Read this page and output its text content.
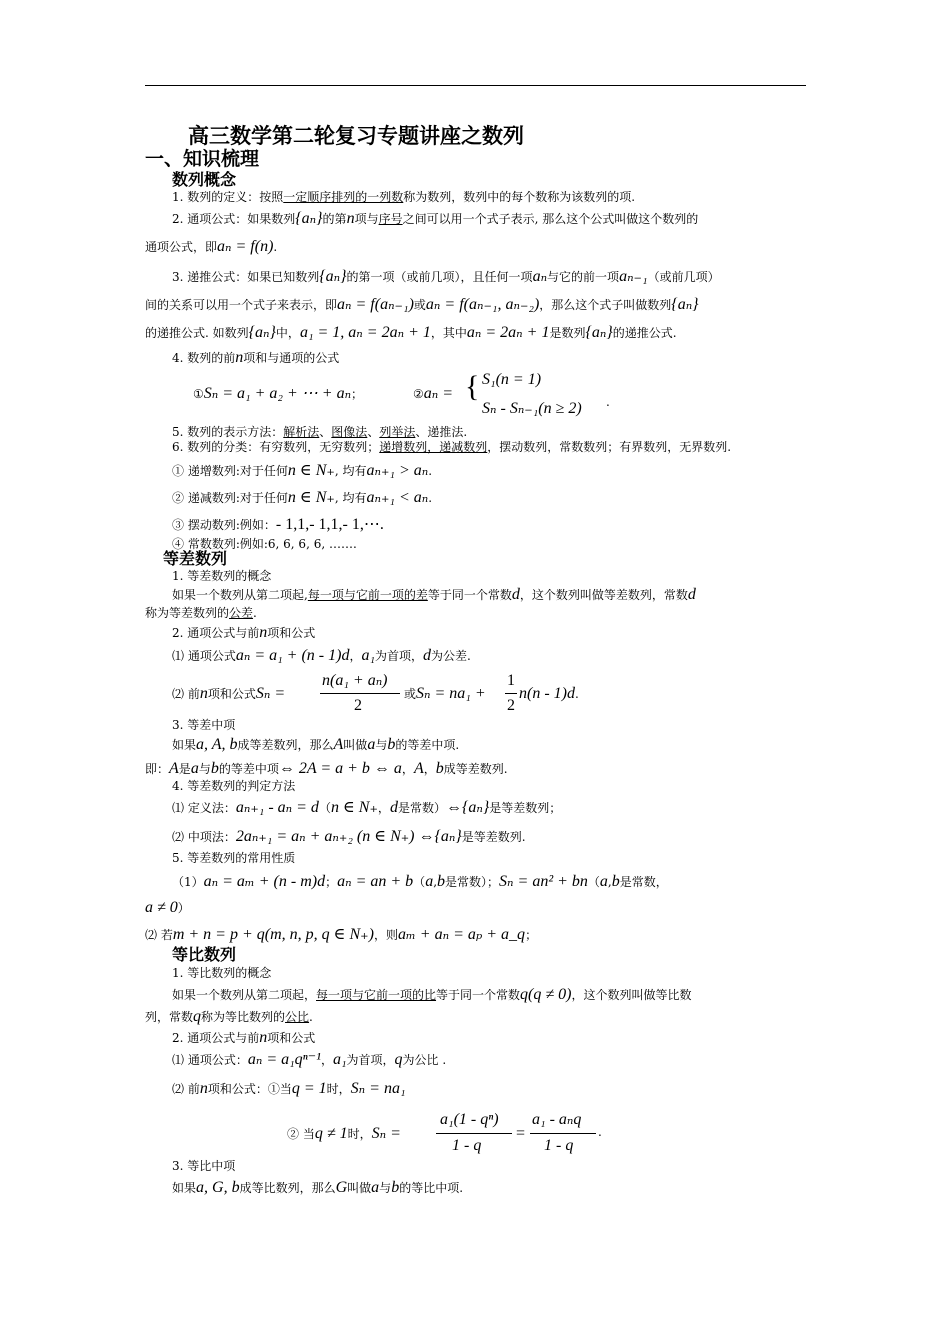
高三数学第二轮复习专题讲座之数列
一、知识梳理
数列概念
1. 数列的定义：按照一定顺序排列的一列数称为数列，数列中的每个数称为该数列的项.
2. 通项公式：如果数列{aₙ}的第n项与序号之间可以用一个式子表示, 那么这个公式叫做这个数列的
通项公式，即aₙ = f(n).
3. 递推公式：如果已知数列{aₙ}的第一项（或前几项），且任何一项aₙ与它的前一项aₙ₋₁（或前几项）
间的关系可以用一个式子来表示，即aₙ = f(aₙ₋₁)或aₙ = f(aₙ₋₁, aₙ₋₂)，那么这个式子叫做数列{aₙ}
的递推公式. 如数列{aₙ}中，a₁ = 1, aₙ = 2aₙ + 1，其中aₙ = 2aₙ + 1是数列{aₙ}的递推公式.
4. 数列的前n项和与通项的公式
①Sₙ = a₁ + a₂ + ⋯ + aₙ；	②aₙ = { S₁(n = 1)
Sₙ - Sₙ₋₁(n ≥ 2) .
5. 数列的表示方法：解析法、图像法、列举法、递推法.
6. 数列的分类：有穷数列，无穷数列；递增数列，递减数列，摆动数列，常数数列；有界数列，无界数列.
① 递增数列:对于任何n ∈ N₊, 均有aₙ₊₁ > aₙ.
② 递减数列:对于任何n ∈ N₊, 均有aₙ₊₁ < aₙ.
③ 摆动数列:例如：- 1,1,- 1,1,- 1,⋯.
④ 常数数列:例如:6, 6, 6, 6, …….
等差数列
1. 等差数列的概念
如果一个数列从第二项起,每一项与它前一项的差等于同一个常数d，这个数列叫做等差数列，常数d
称为等差数列的公差.
2. 通项公式与前n项和公式
⑴ 通项公式aₙ = a₁ + (n - 1)d，a₁为首项，d为公差.
⑵ 前n项和公式Sₙ =
n(a₁ + aₙ)
2
或Sₙ = na₁ +
1
2
n(n - 1)d.
3. 等差中项
如果a, A, b成等差数列，那么A叫做a与b的等差中项.
即：A是a与b的等差中项⇔ 2A = a + b ⇔ a，A，b成等差数列.
4. 等差数列的判定方法
⑴ 定义法：aₙ₊₁ - aₙ = d（n ∈ N₊，d是常数）⇔{aₙ}是等差数列；
⑵ 中项法：2aₙ₊₁ = aₙ + aₙ₊₂ (n ∈ N₊) ⇔{aₙ}是等差数列.
5. 等差数列的常用性质
（1）aₙ = aₘ + (n - m)d；aₙ = an + b（a,b是常数）；Sₙ = an² + bn（a,b是常数，
a ≠ 0）
⑵ 若m + n = p + q(m, n, p, q ∈ N₊)，则aₘ + aₙ = aₚ + a_q；
等比数列
1. 等比数列的概念
如果一个数列从第二项起，每一项与它前一项的比等于同一个常数q(q ≠ 0)，这个数列叫做等比数
列，常数q称为等比数列的公比.
2. 通项公式与前n项和公式
⑴ 通项公式：aₙ = a₁qⁿ⁻¹，a₁为首项，q为公比 .
⑵ 前n项和公式：①当q = 1时，Sₙ = na₁
② 当q ≠ 1时，Sₙ =
a₁(1 - qⁿ)
1 - q
=
a₁ - aₙq
1 - q
.
3. 等比中项
如果a, G, b成等比数列，那么G叫做a与b的等比中项.
